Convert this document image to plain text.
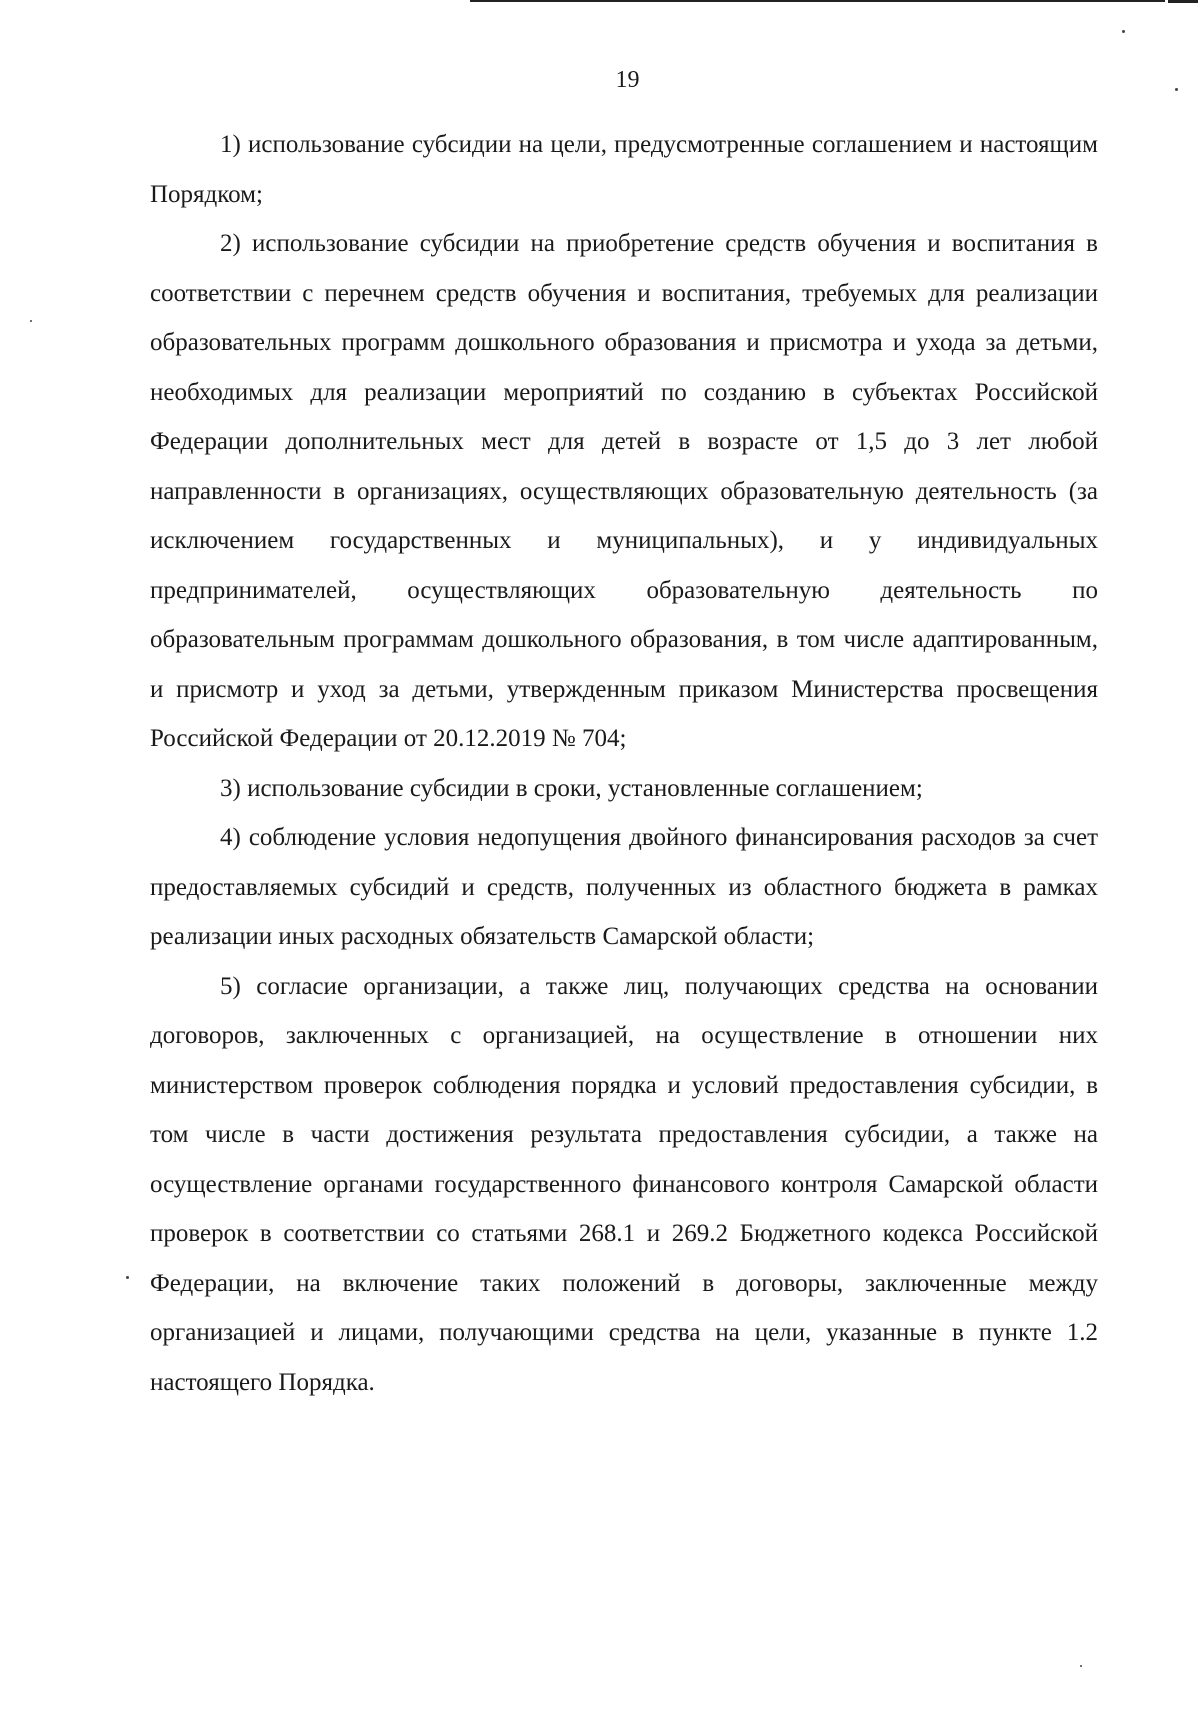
19

1) использование субсидии на цели, предусмотренные соглашением и настоящим Порядком;

2) использование субсидии на приобретение средств обучения и воспитания в соответствии с перечнем средств обучения и воспитания, требуемых для реализации образовательных программ дошкольного образования и присмотра и ухода за детьми, необходимых для реализации мероприятий по созданию в субъектах Российской Федерации дополнительных мест для детей в возрасте от 1,5 до 3 лет любой направленности в организациях, осуществляющих образовательную деятельность (за исключением государственных и муниципальных), и у индивидуальных предпринимателей, осуществляющих образовательную деятельность по образовательным программам дошкольного образования, в том числе адаптированным, и присмотр и уход за детьми, утвержденным приказом Министерства просвещения Российской Федерации от 20.12.2019 № 704;

3) использование субсидии в сроки, установленные соглашением;

4) соблюдение условия недопущения двойного финансирования расходов за счет предоставляемых субсидий и средств, полученных из областного бюджета в рамках реализации иных расходных обязательств Самарской области;

5) согласие организации, а также лиц, получающих средства на основании договоров, заключенных с организацией, на осуществление в отношении них министерством проверок соблюдения порядка и условий предоставления субсидии, в том числе в части достижения результата предоставления субсидии, а также на осуществление органами государственного финансового контроля Самарской области проверок в соответствии со статьями 268.1 и 269.2 Бюджетного кодекса Российской Федерации, на включение таких положений в договоры, заключенные между организацией и лицами, получающими средства на цели, указанные в пункте 1.2 настоящего Порядка.
